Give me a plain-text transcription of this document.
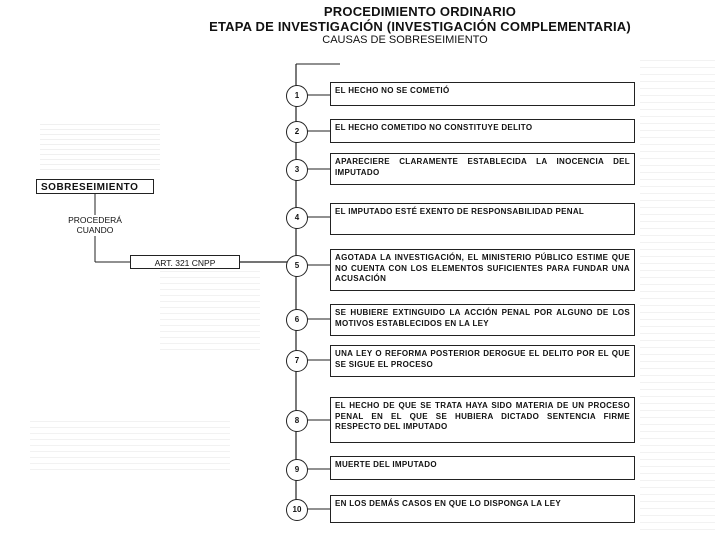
PROCEDIMIENTO ORDINARIO
ETAPA DE INVESTIGACIÓN (INVESTIGACIÓN COMPLEMENTARIA)
CAUSAS DE SOBRESEIMIENTO
SOBRESEIMIENTO
PROCEDERÁ CUANDO
ART. 321 CNPP
1
EL HECHO NO SE COMETIÓ
2	EL HECHO COMETIDO NO CONSTITUYE DELITO
3
APARECIERE CLARAMENTE ESTABLECIDA LA INOCENCIA DEL IMPUTADO
4
EL IMPUTADO ESTÉ EXENTO DE RESPONSABILIDAD PENAL
5
AGOTADA LA INVESTIGACIÓN, EL MINISTERIO PÚBLICO ESTIME QUE NO CUENTA CON LOS ELEMENTOS SUFICIENTES PARA FUNDAR UNA ACUSACIÓN
6
SE HUBIERE EXTINGUIDO LA ACCIÓN PENAL POR ALGUNO DE LOS MOTIVOS ESTABLECIDOS EN LA LEY
7
UNA LEY O REFORMA POSTERIOR DEROGUE EL DELITO POR EL QUE SE SIGUE EL PROCESO
8
EL HECHO DE QUE SE TRATA HAYA SIDO MATERIA DE UN PROCESO PENAL EN EL QUE SE HUBIERA DICTADO SENTENCIA FIRME RESPECTO DEL IMPUTADO
9
MUERTE DEL IMPUTADO
10
EN LOS DEMÁS CASOS EN QUE LO DISPONGA LA LEY
